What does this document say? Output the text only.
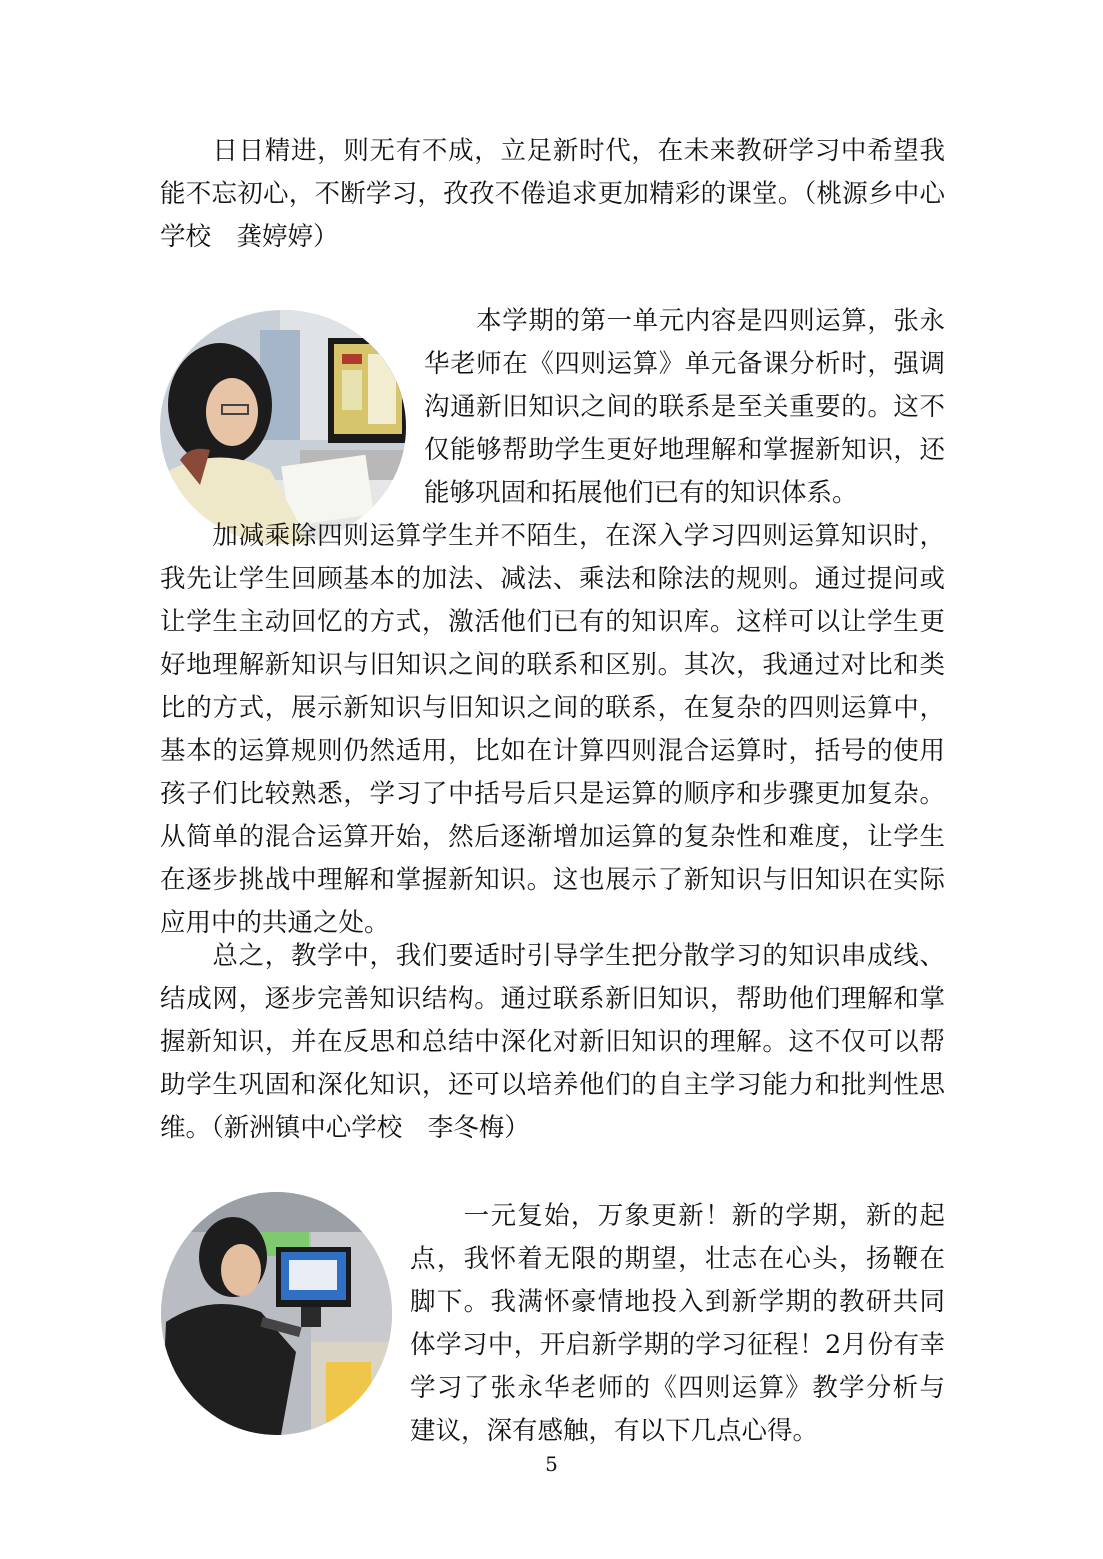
　　日日精进，则无有不成，立足新时代，在未来教研学习中希望我能不忘初心，不断学习，孜孜不倦追求更加精彩的课堂。（桃源乡中心学校　龚婷婷）

　　本学期的第一单元内容是四则运算，张永华老师在《四则运算》单元备课分析时，强调沟通新旧知识之间的联系是至关重要的。这不仅能够帮助学生更好地理解和掌握新知识，还能够巩固和拓展他们已有的知识体系。

　　加减乘除四则运算学生并不陌生，在深入学习四则运算知识时，我先让学生回顾基本的加法、减法、乘法和除法的规则。通过提问或让学生主动回忆的方式，激活他们已有的知识库。这样可以让学生更好地理解新知识与旧知识之间的联系和区别。其次，我通过对比和类比的方式，展示新知识与旧知识之间的联系，在复杂的四则运算中，基本的运算规则仍然适用，比如在计算四则混合运算时，括号的使用孩子们比较熟悉，学习了中括号后只是运算的顺序和步骤更加复杂。从简单的混合运算开始，然后逐渐增加运算的复杂性和难度，让学生在逐步挑战中理解和掌握新知识。这也展示了新知识与旧知识在实际应用中的共通之处。

　　总之，教学中，我们要适时引导学生把分散学习的知识串成线、结成网，逐步完善知识结构。通过联系新旧知识，帮助他们理解和掌握新知识，并在反思和总结中深化对新旧知识的理解。这不仅可以帮助学生巩固和深化知识，还可以培养他们的自主学习能力和批判性思维。（新洲镇中心学校　李冬梅）

　　一元复始，万象更新！新的学期，新的起点，我怀着无限的期望，壮志在心头，扬鞭在脚下。我满怀豪情地投入到新学期的教研共同体学习中，开启新学期的学习征程！2月份有幸学习了张永华老师的《四则运算》教学分析与建议，深有感触，有以下几点心得。

5
